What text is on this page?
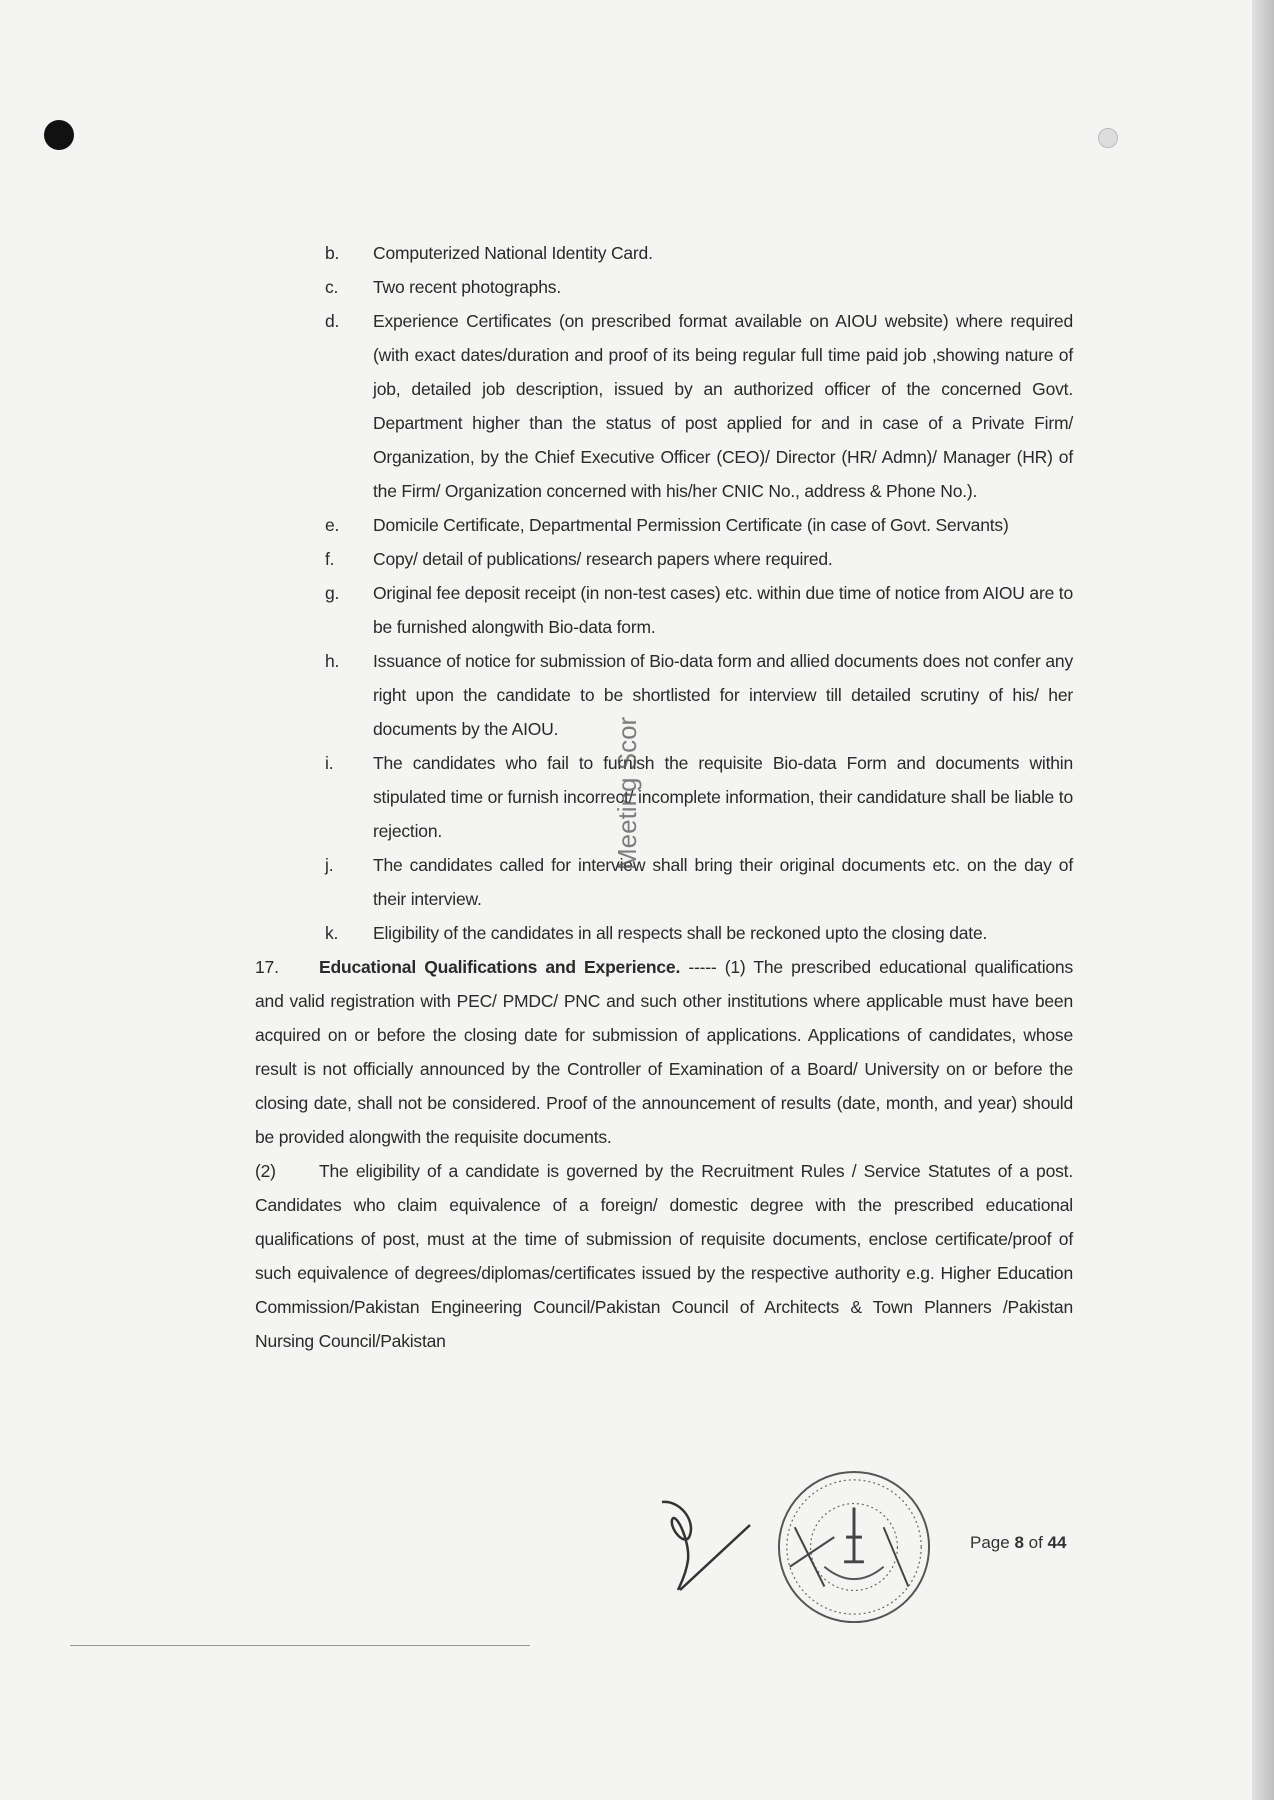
b.	Computerized National Identity Card.
c.	Two recent photographs.
d.	Experience Certificates (on prescribed format available on AIOU website) where required (with exact dates/duration and proof of its being regular full time paid job ,showing nature of job, detailed job description, issued by an authorized officer of the concerned Govt. Department higher than the status of post applied for and in case of a Private Firm/ Organization, by the Chief Executive Officer (CEO)/ Director (HR/ Admn)/ Manager (HR) of the Firm/ Organization concerned with his/her CNIC No., address & Phone No.).
e.	Domicile Certificate, Departmental Permission Certificate (in case of Govt. Servants)
f.	Copy/ detail of publications/ research papers where required.
g.	Original fee deposit receipt (in non-test cases) etc. within due time of notice from AIOU are to be furnished alongwith Bio-data form.
h.	Issuance of notice for submission of Bio-data form and allied documents does not confer any right upon the candidate to be shortlisted for interview till detailed scrutiny of his/ her documents by the AIOU.
i.	The candidates who fail to furnish the requisite Bio-data Form and documents within stipulated time or furnish incorrect/ incomplete information, their candidature shall be liable to rejection.
j.	The candidates called for interview shall bring their original documents etc. on the day of their interview.
k.	Eligibility of the candidates in all respects shall be reckoned upto the closing date.
17. Educational Qualifications and Experience. ----- (1) The prescribed educational qualifications and valid registration with PEC/ PMDC/ PNC and such other institutions where applicable must have been acquired on or before the closing date for submission of applications. Applications of candidates, whose result is not officially announced by the Controller of Examination of a Board/ University on or before the closing date, shall not be considered. Proof of the announcement of results (date, month, and year) should be provided alongwith the requisite documents.
(2) The eligibility of a candidate is governed by the Recruitment Rules / Service Statutes of a post. Candidates who claim equivalence of a foreign/ domestic degree with the prescribed educational qualifications of post, must at the time of submission of requisite documents, enclose certificate/proof of such equivalence of degrees/diplomas/certificates issued by the respective authority e.g. Higher Education Commission/Pakistan Engineering Council/Pakistan Council of Architects & Town Planners /Pakistan Nursing Council/Pakistan
Meeting Scor
Page 8 of 44
